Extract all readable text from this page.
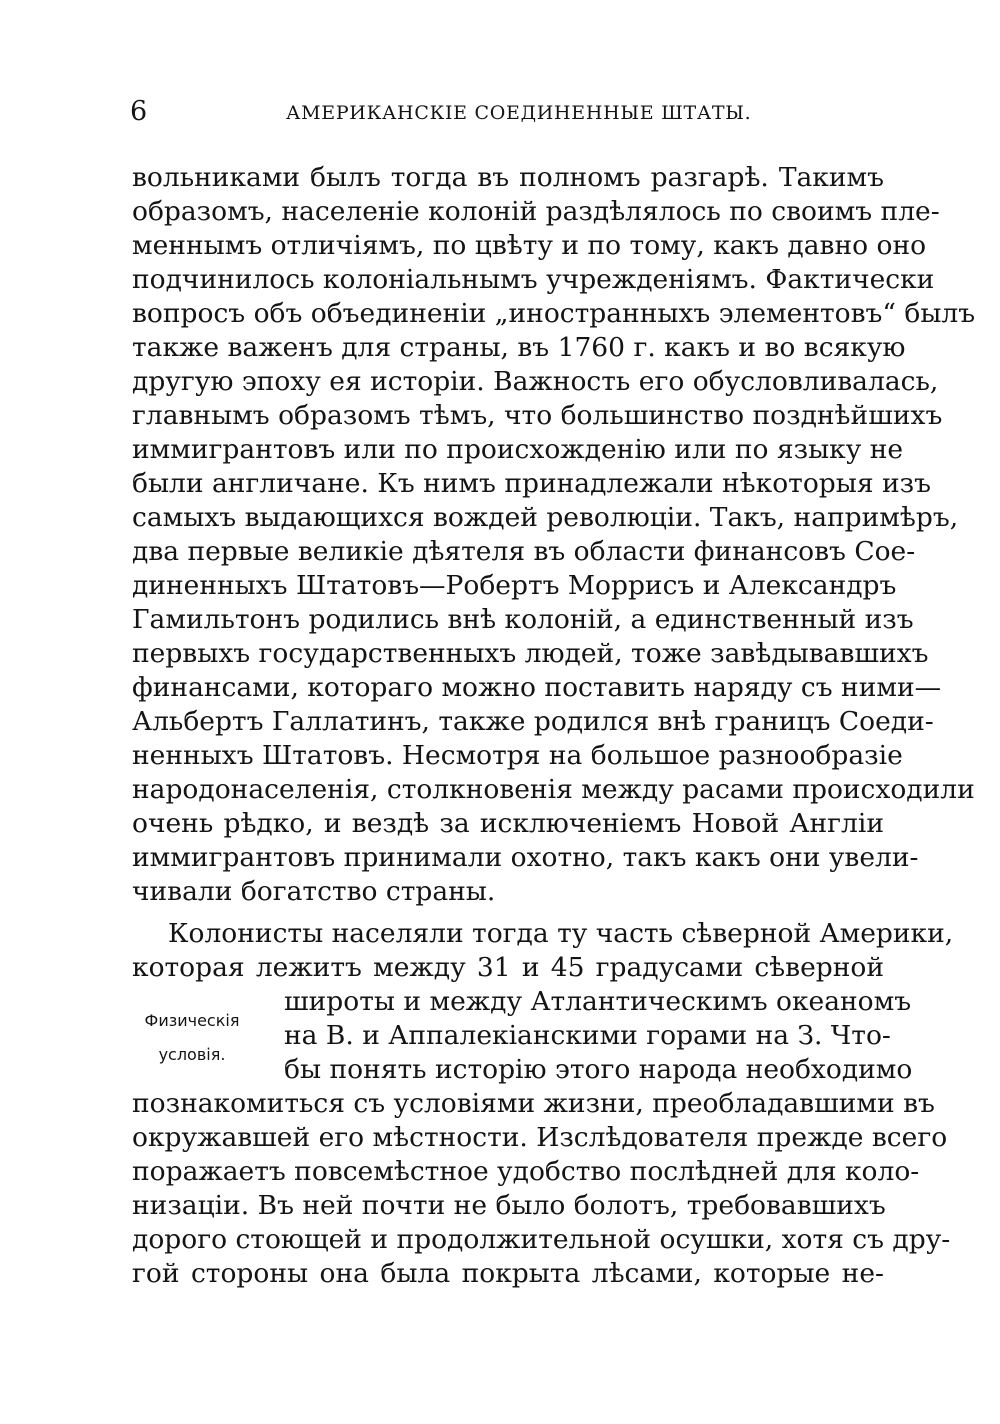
6	АМЕРИКАНСКІЕ СОЕДИНЕННЫЕ ШТАТЫ.
вольниками былъ тогда въ полномъ разгарѣ. Такимъ
образомъ, населеніе колоній раздѣлялось по своимъ пле-
меннымъ отличіямъ, по цвѣту и по тому, какъ давно оно
подчинилось колоніальнымъ учрежденіямъ. Фактически
вопросъ объ объединеніи „иностранныхъ элементовъ“ былъ
также важенъ для страны, въ 1760 г. какъ и во всякую
другую эпоху ея исторіи. Важность его обусловливалась,
главнымъ образомъ тѣмъ, что большинство позднѣйшихъ
иммигрантовъ или по происхожденію или по языку не
были англичане. Къ нимъ принадлежали нѣкоторыя изъ
самыхъ выдающихся вождей революціи. Такъ, напримѣръ,
два первые великіе дѣятеля въ области финансовъ Сое-
диненныхъ Штатовъ—Робертъ Моррисъ и Александръ
Гамильтонъ родились внѣ колоній, а единственный изъ
первыхъ государственныхъ людей, тоже завѣдывавшихъ
финансами, котораго можно поставить наряду съ ними—
Альбертъ Галлатинъ, также родился внѣ границъ Соеди-
ненныхъ Штатовъ. Несмотря на большое разнообразіе
народонаселенія, столкновенія между расами происходили
очень рѣдко, и вездѣ за исключеніемъ Новой Англіи
иммигрантовъ принимали охотно, такъ какъ они увели-
чивали богатство страны.
Колонисты населяли тогда ту часть сѣверной Америки,
которая лежитъ между 31 и 45 градусами сѣверной
широты и между Атлантическимъ океаномъ
на В. и Аппалекіанскими горами на З. Что-
бы понять исторію этого народа необходимо
познакомиться съ условіями жизни, преобладавшими въ
окружавшей его мѣстности. Изслѣдователя прежде всего
поражаетъ повсемѣстное удобство послѣдней для коло-
низаціи. Въ ней почти не было болотъ, требовавшихъ
дорого стоющей и продолжительной осушки, хотя съ дру-
гой стороны она была покрыта лѣсами, которые не-
Физическія
условія.
